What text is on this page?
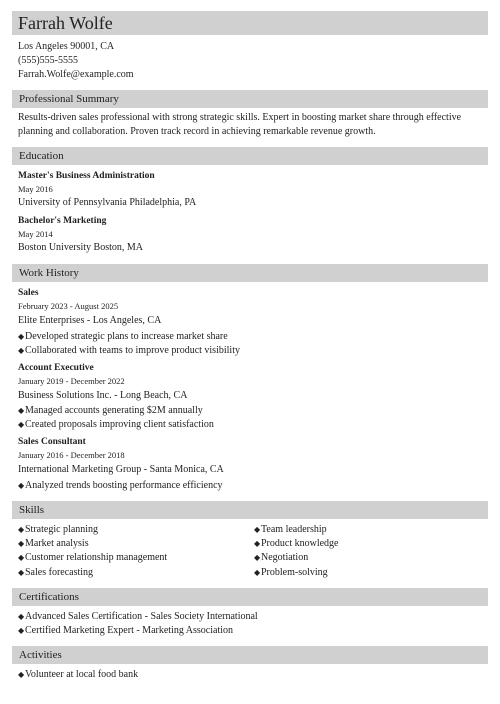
Farrah Wolfe
Los Angeles 90001, CA
(555)555-5555
Farrah.Wolfe@example.com
Professional Summary
Results-driven sales professional with strong strategic skills. Expert in boosting market share through effective planning and collaboration. Proven track record in achieving remarkable revenue growth.
Education
Master's Business Administration
May 2016
University of Pennsylvania Philadelphia, PA
Bachelor's Marketing
May 2014
Boston University Boston, MA
Work History
Sales
February 2023 - August 2025
Elite Enterprises - Los Angeles, CA
◆ Developed strategic plans to increase market share
◆ Collaborated with teams to improve product visibility
Account Executive
January 2019 - December 2022
Business Solutions Inc. - Long Beach, CA
◆ Managed accounts generating $2M annually
◆ Created proposals improving client satisfaction
Sales Consultant
January 2016 - December 2018
International Marketing Group - Santa Monica, CA
◆ Analyzed trends boosting performance efficiency
Skills
◆ Strategic planning
◆ Market analysis
◆ Customer relationship management
◆ Sales forecasting
◆ Team leadership
◆ Product knowledge
◆ Negotiation
◆ Problem-solving
Certifications
◆ Advanced Sales Certification - Sales Society International
◆ Certified Marketing Expert - Marketing Association
Activities
◆ Volunteer at local food bank
